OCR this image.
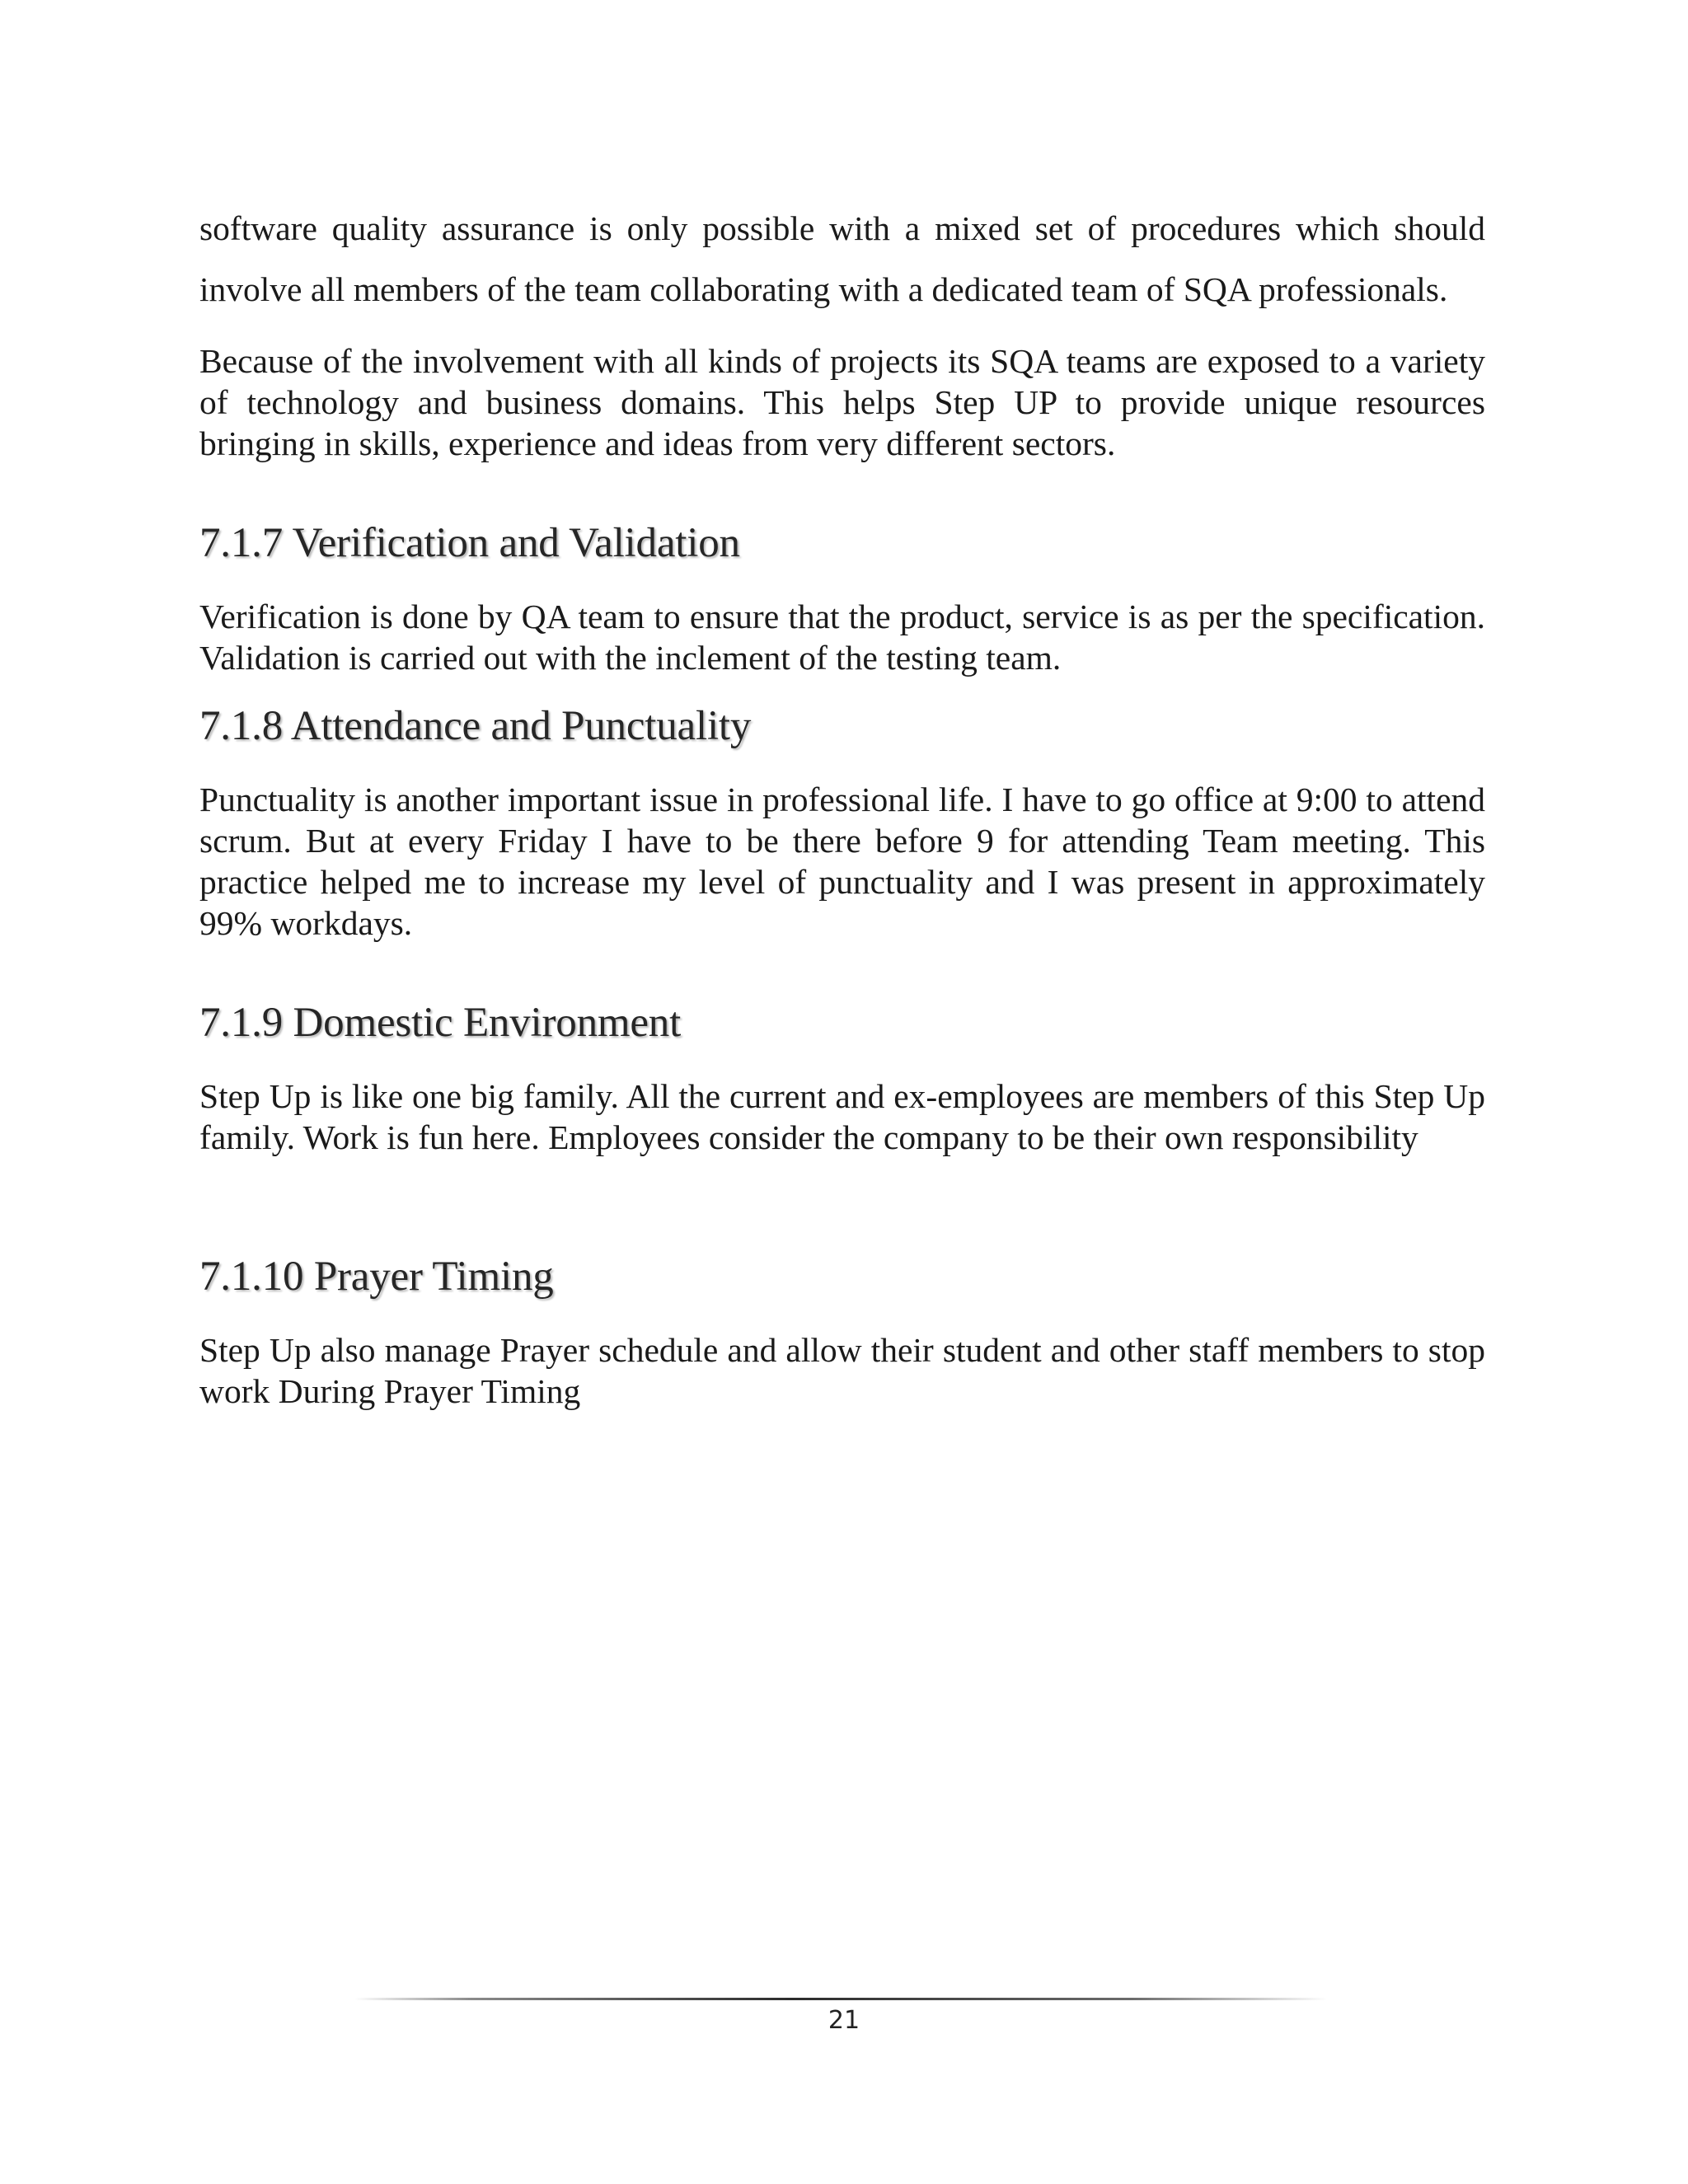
software quality assurance is only possible with a mixed set of procedures which should involve all members of the team collaborating with a dedicated team of SQA professionals.

Because of the involvement with all kinds of projects its SQA teams are exposed to a variety of technology and business domains. This helps Step UP to provide unique resources bringing in skills, experience and ideas from very different sectors.

7.1.7 Verification and Validation

Verification is done by QA team to ensure that the product, service is as per the specification. Validation is carried out with the inclement of the testing team.

7.1.8 Attendance and Punctuality

Punctuality is another important issue in professional life. I have to go office at 9:00 to attend scrum. But at every Friday I have to be there before 9 for attending Team meeting. This practice helped me to increase my level of punctuality and I was present in approximately 99% workdays.

7.1.9 Domestic Environment

Step Up is like one big family. All the current and ex-employees are members of this Step Up family. Work is fun here. Employees consider the company to be their own responsibility

7.1.10 Prayer Timing

Step Up also manage Prayer schedule and allow their student and other staff members to stop work During Prayer Timing

21
